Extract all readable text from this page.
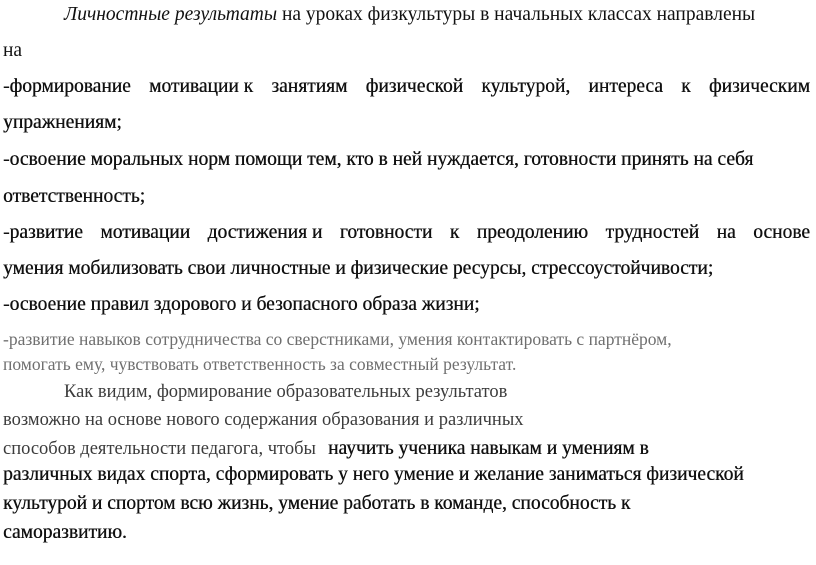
Личностные результаты на уроках физкультуры в начальных классах направлены
на
-формирование мотивации к занятиям физической культурой, интереса к физическим
упражнениям;
-освоение моральных норм помощи тем, кто в ней нуждается, готовности принять на себя
ответственность;
-развитие мотивации достижения и готовности к преодолению трудностей на основе
умения мобилизовать свои личностные и физические ресурсы, стрессоустойчивости;
-освоение правил здорового и безопасного образа жизни;
-развитие навыков сотрудничества со сверстниками, умения контактировать с партнёром,
помогать ему, чувствовать ответственность за совместный результат.
Как видим, формирование образовательных результатов
возможно на основе нового содержания образования и различных
способов деятельности педагога, чтобы научить ученика навыкам и умениям в
различных видах спорта, сформировать у него умение и желание заниматься физической
культурой и спортом всю жизнь, умение работать в команде, способность к
саморазвитию.
